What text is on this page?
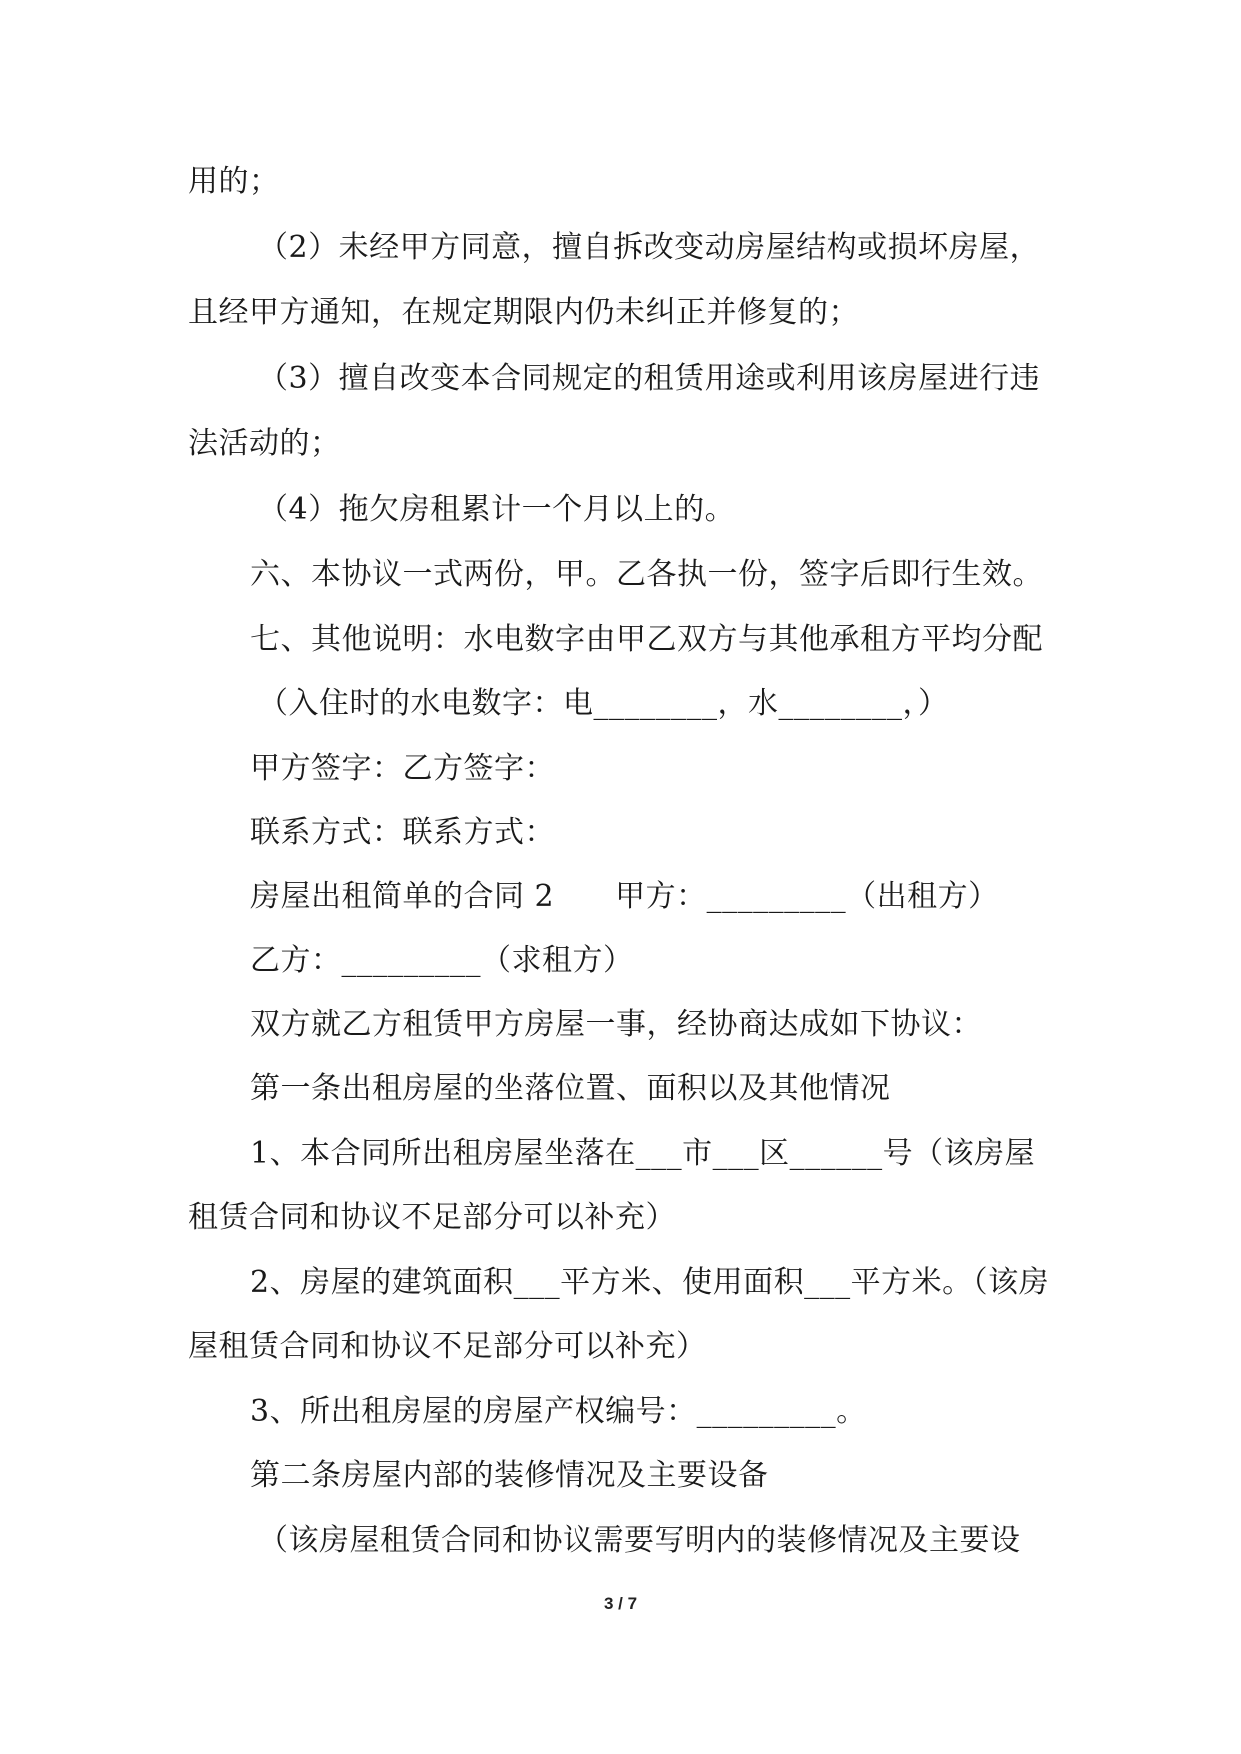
用的；
（2）未经甲方同意，擅自拆改变动房屋结构或损坏房屋，
且经甲方通知，在规定期限内仍未纠正并修复的；
（3）擅自改变本合同规定的租赁用途或利用该房屋进行违
法活动的；
（4）拖欠房租累计一个月以上的。
六、本协议一式两份，甲。乙各执一份，签字后即行生效。
七、其他说明：水电数字由甲乙双方与其他承租方平均分配
（入住时的水电数字：电________，水________，）
甲方签字：乙方签字：
联系方式：联系方式：
房屋出租简单的合同 2　　甲方：_________（出租方）
乙方：_________（求租方）
双方就乙方租赁甲方房屋一事，经协商达成如下协议：
第一条出租房屋的坐落位置、面积以及其他情况
1、本合同所出租房屋坐落在___市___区______号（该房屋
租赁合同和协议不足部分可以补充）
2、房屋的建筑面积___平方米、使用面积___平方米。（该房
屋租赁合同和协议不足部分可以补充）
3、所出租房屋的房屋产权编号：_________。
第二条房屋内部的装修情况及主要设备
（该房屋租赁合同和协议需要写明内的装修情况及主要设
3 / 7
